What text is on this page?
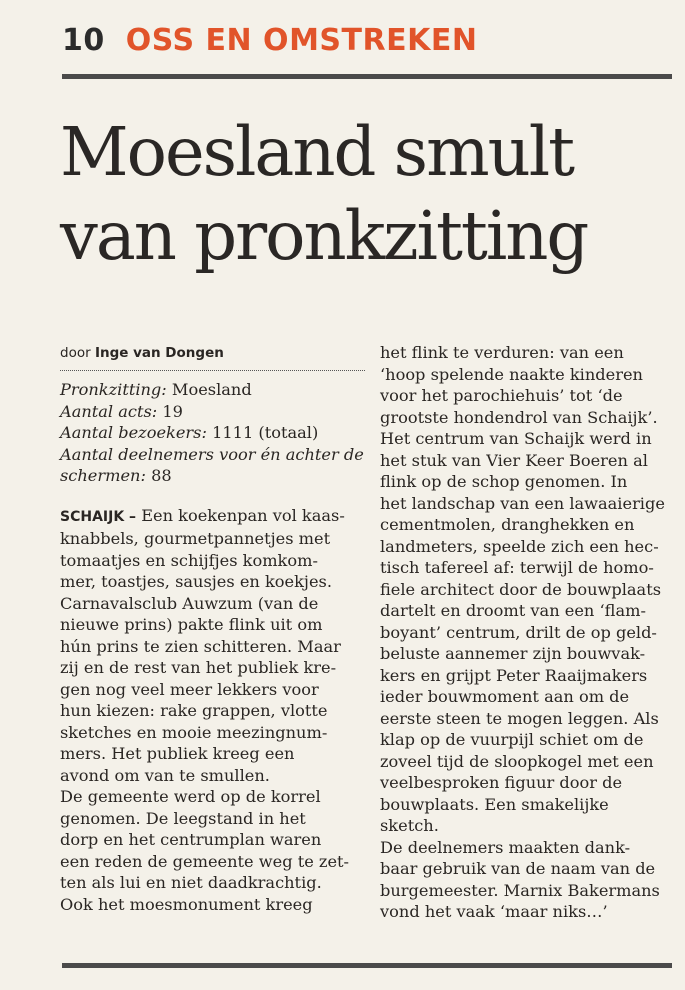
10 OSS EN OMSTREKEN
Moesland smult
van pronkzitting
door Inge van Dongen
Pronkzitting: Moesland
Aantal acts: 19
Aantal bezoekers: 1111 (totaal)
Aantal deelnemers voor én achter de
schermen: 88
SCHAIJK – Een koekenpan vol kaas-
knabbels, gourmetpannetjes met
tomaatjes en schijfjes komkom-
mer, toastjes, sausjes en koekjes.
Carnavalsclub Auwzum (van de
nieuwe prins) pakte flink uit om
hún prins te zien schitteren. Maar
zij en de rest van het publiek kre-
gen nog veel meer lekkers voor
hun kiezen: rake grappen, vlotte
sketches en mooie meezingnum-
mers. Het publiek kreeg een
avond om van te smullen.
De gemeente werd op de korrel
genomen. De leegstand in het
dorp en het centrumplan waren
een reden de gemeente weg te zet-
ten als lui en niet daadkrachtig.
Ook het moesmonument kreeg
het flink te verduren: van een
‘hoop spelende naakte kinderen
voor het parochiehuis’ tot ‘de
grootste hondendrol van Schaijk’.
Het centrum van Schaijk werd in
het stuk van Vier Keer Boeren al
flink op de schop genomen. In
het landschap van een lawaaierige
cementmolen, dranghekken en
landmeters, speelde zich een hec-
tisch tafereel af: terwijl de homo-
fiele architect door de bouwplaats
dartelt en droomt van een ‘flam-
boyant’ centrum, drilt de op geld-
beluste aannemer zijn bouwvak-
kers en grijpt Peter Raaijmakers
ieder bouwmoment aan om de
eerste steen te mogen leggen. Als
klap op de vuurpijl schiet om de
zoveel tijd de sloopkogel met een
veelbesproken figuur door de
bouwplaats. Een smakelijke
sketch.
De deelnemers maakten dank-
baar gebruik van de naam van de
burgemeester. Marnix Bakermans
vond het vaak ‘maar niks…’
